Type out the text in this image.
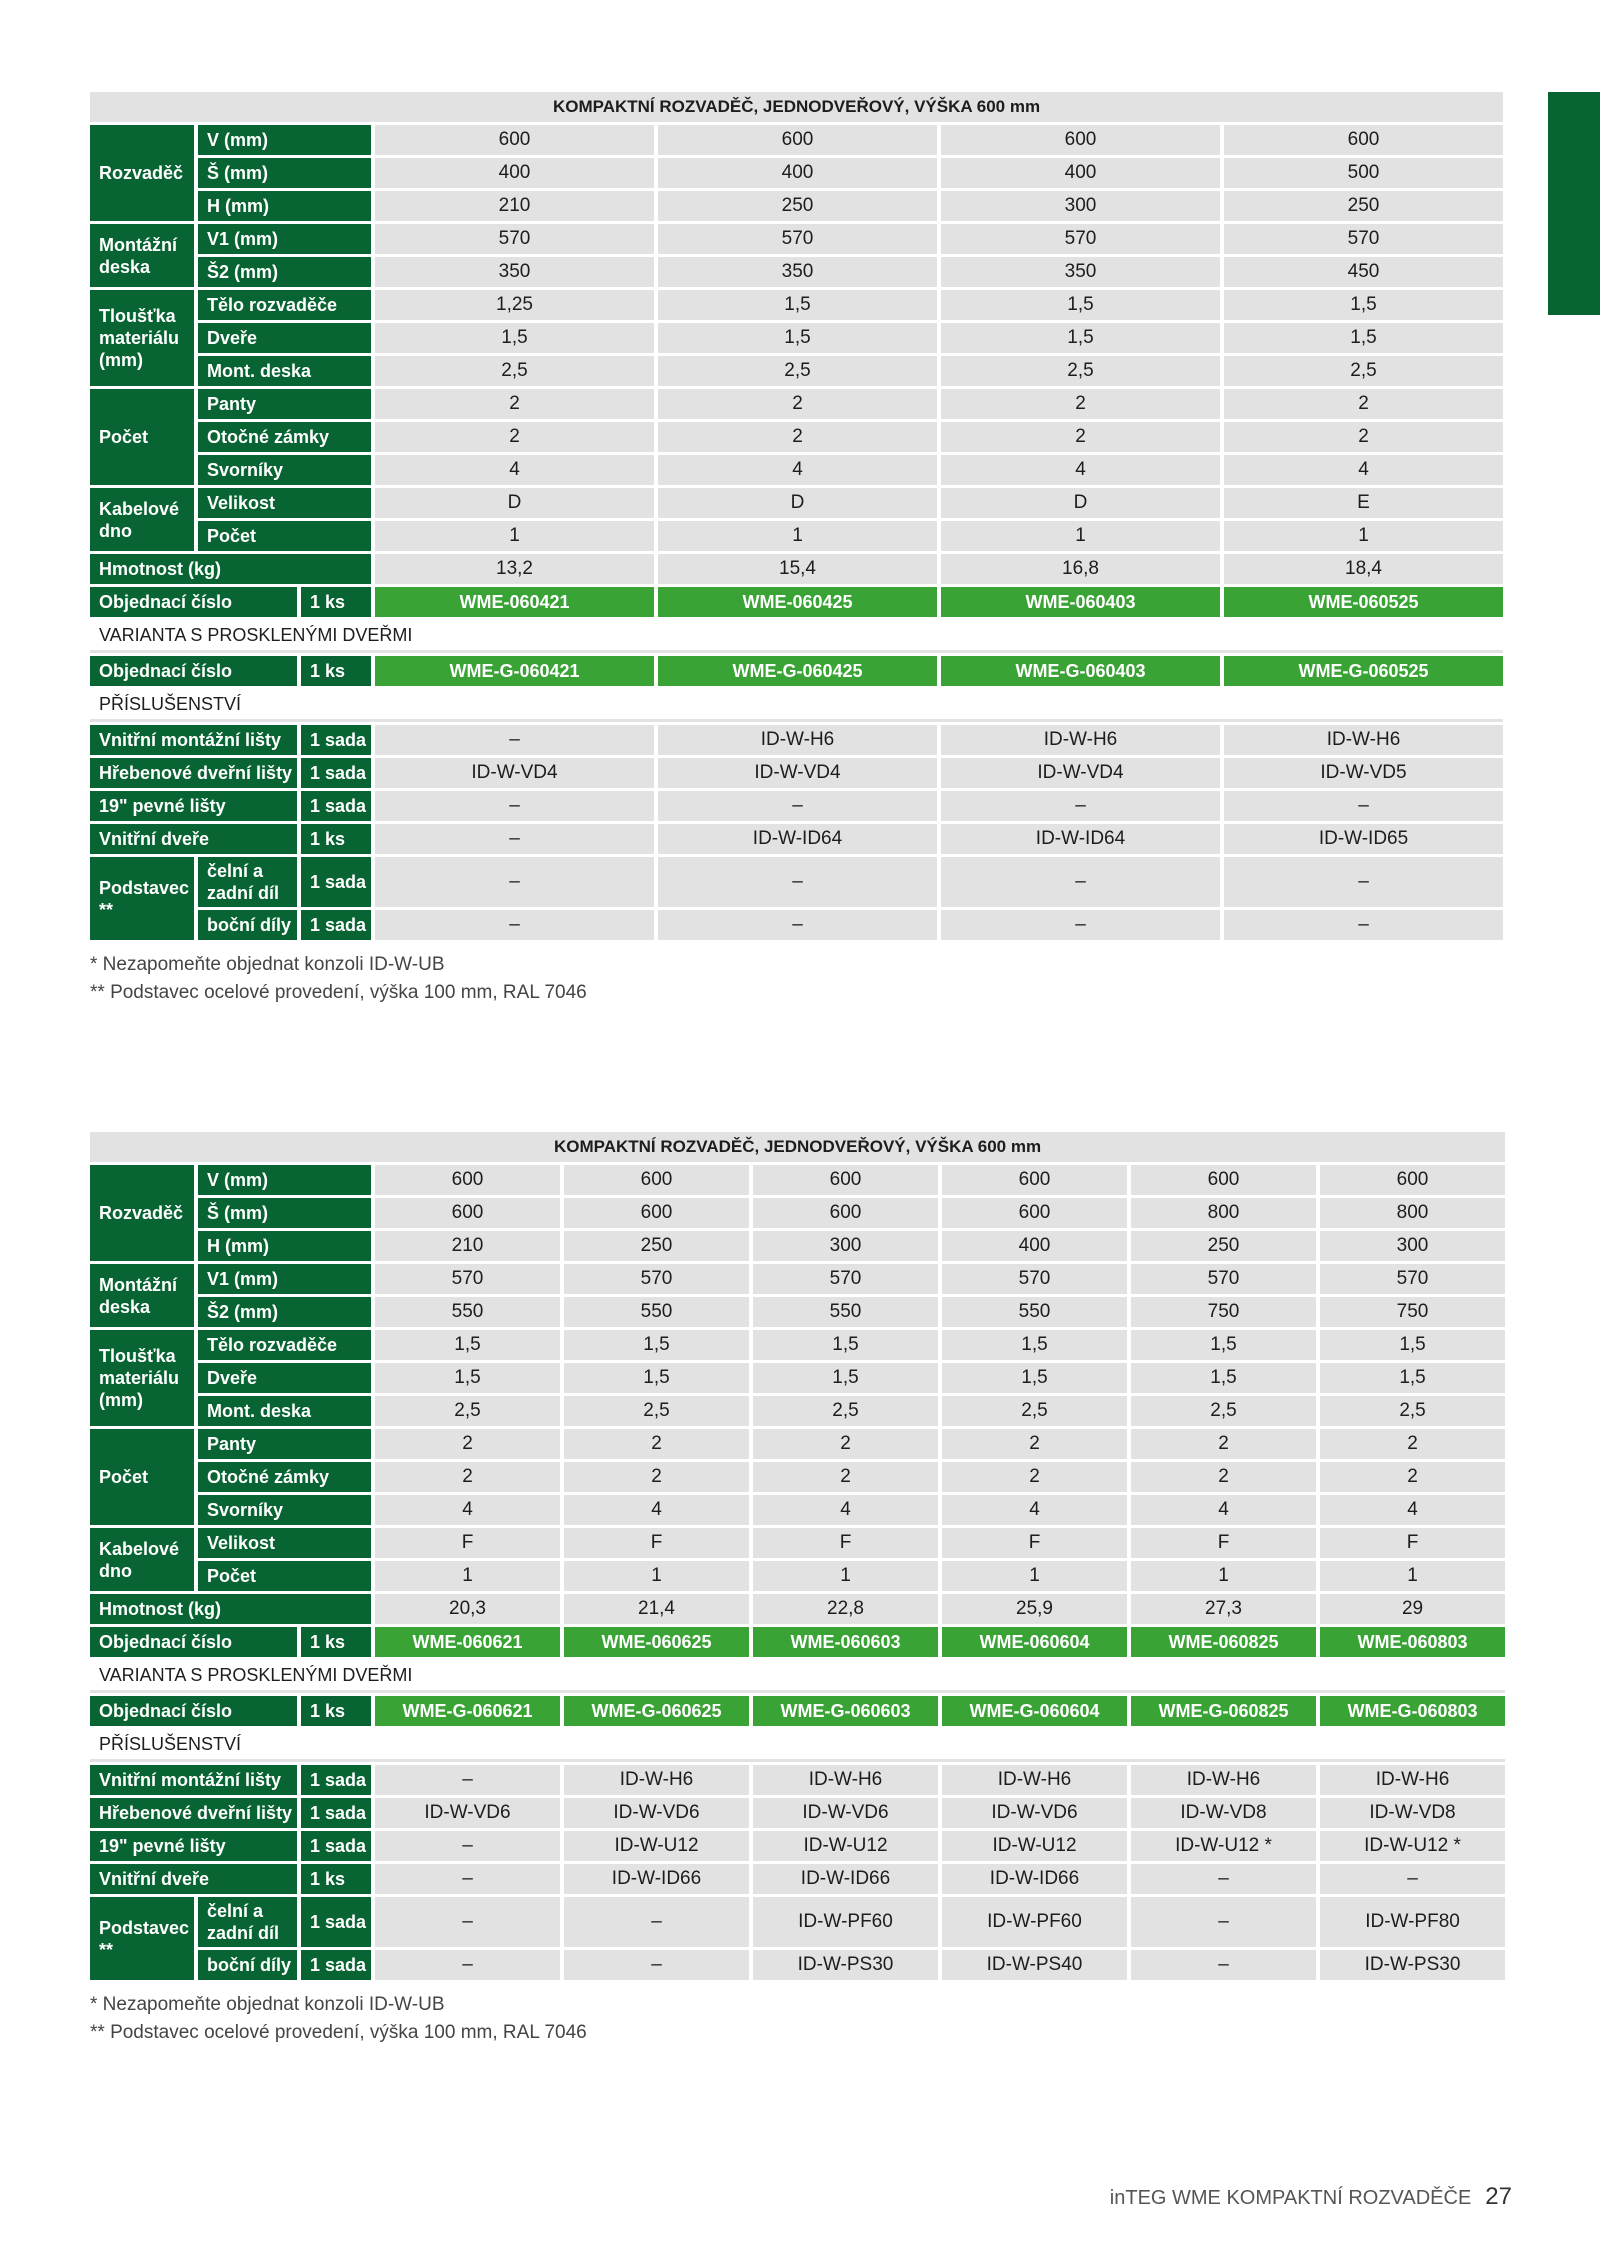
KOMPAKTNÍ ROZVADĚČ, JEDNODVEŘOVÝ, VÝŠKA 600 mm						
Rozvaděč	V (mm)		600	600	600	600
	Š (mm)		400	400	400	500
	H (mm)		210	250	300	250
Montážní deska	V1 (mm)		570	570	570	570
	Š2 (mm)		350	350	350	450
Tloušťka materiálu (mm)	Tělo rozvaděče		1,25	1,5	1,5	1,5
	Dveře		1,5	1,5	1,5	1,5
	Mont. deska		2,5	2,5	2,5	2,5
Počet	Panty		2	2	2	2
	Otočné zámky		2	2	2	2
	Svorníky		4	4	4	4
Kabelové dno	Velikost		D	D	D	E
	Počet		1	1	1	1
Hmotnost (kg)			13,2	15,4	16,8	18,4
Objednací číslo		1 ks	WME-060421	WME-060425	WME-060403	WME-060525
VARIANTA S PROSKLENÝMI DVEŘMI						
Objednací číslo		1 ks	WME-G-060421	WME-G-060425	WME-G-060403	WME-G-060525
PŘÍSLUŠENSTVÍ						
Vnitřní montážní lišty		1 sada	–	ID-W-H6	ID-W-H6	ID-W-H6
Hřebenové dveřní lišty		1 sada	ID-W-VD4	ID-W-VD4	ID-W-VD4	ID-W-VD5
19" pevné lišty		1 sada	–	–	–	–
Vnitřní dveře		1 ks	–	ID-W-ID64	ID-W-ID64	ID-W-ID65
Podstavec **	čelní a zadní díl	1 sada	–	–	–	–
	boční díly	1 sada	–	–	–	–
* Nezapomeňte objednat konzoli ID-W-UB
** Podstavec ocelové provedení, výška 100 mm, RAL 7046
KOMPAKTNÍ ROZVADĚČ, JEDNODVEŘOVÝ, VÝŠKA 600 mm								
Rozvaděč	V (mm)		600	600	600	600	600	600
	Š (mm)		600	600	600	600	800	800
	H (mm)		210	250	300	400	250	300
Montážní deska	V1 (mm)		570	570	570	570	570	570
	Š2 (mm)		550	550	550	550	750	750
Tloušťka materiálu (mm)	Tělo rozvaděče		1,5	1,5	1,5	1,5	1,5	1,5
	Dveře		1,5	1,5	1,5	1,5	1,5	1,5
	Mont. deska		2,5	2,5	2,5	2,5	2,5	2,5
Počet	Panty		2	2	2	2	2	2
	Otočné zámky		2	2	2	2	2	2
	Svorníky		4	4	4	4	4	4
Kabelové dno	Velikost		F	F	F	F	F	F
	Počet		1	1	1	1	1	1
Hmotnost (kg)			20,3	21,4	22,8	25,9	27,3	29
Objednací číslo		1 ks	WME-060621	WME-060625	WME-060603	WME-060604	WME-060825	WME-060803
VARIANTA S PROSKLENÝMI DVEŘMI								
Objednací číslo		1 ks	WME-G-060621	WME-G-060625	WME-G-060603	WME-G-060604	WME-G-060825	WME-G-060803
PŘÍSLUŠENSTVÍ								
Vnitřní montážní lišty		1 sada	–	ID-W-H6	ID-W-H6	ID-W-H6	ID-W-H6	ID-W-H6
Hřebenové dveřní lišty		1 sada	ID-W-VD6	ID-W-VD6	ID-W-VD6	ID-W-VD6	ID-W-VD8	ID-W-VD8
19" pevné lišty		1 sada	–	ID-W-U12	ID-W-U12	ID-W-U12	ID-W-U12 *	ID-W-U12 *
Vnitřní dveře		1 ks	–	ID-W-ID66	ID-W-ID66	ID-W-ID66	–	–
Podstavec **	čelní a zadní díl	1 sada	–	–	ID-W-PF60	ID-W-PF60	–	ID-W-PF80
	boční díly	1 sada	–	–	ID-W-PS30	ID-W-PS40	–	ID-W-PS30
* Nezapomeňte objednat konzoli ID-W-UB
** Podstavec ocelové provedení, výška 100 mm, RAL 7046
inTEG WME KOMPAKTNÍ ROZVADĚČE 27
